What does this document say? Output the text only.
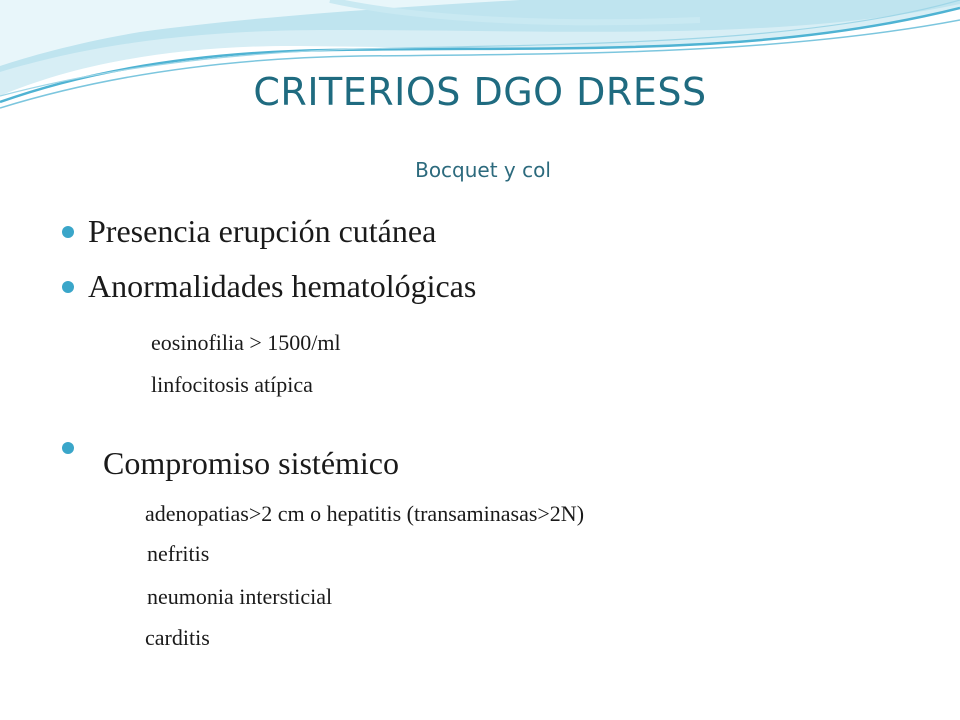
CRITERIOS DGO DRESS
Bocquet y col
Presencia erupción cutánea
Anormalidades hematológicas
eosinofilia > 1500/ml
linfocitosis atípica
Compromiso sistémico
adenopatias>2 cm o hepatitis (transaminasas>2N)
nefritis
neumonia intersticial
carditis
